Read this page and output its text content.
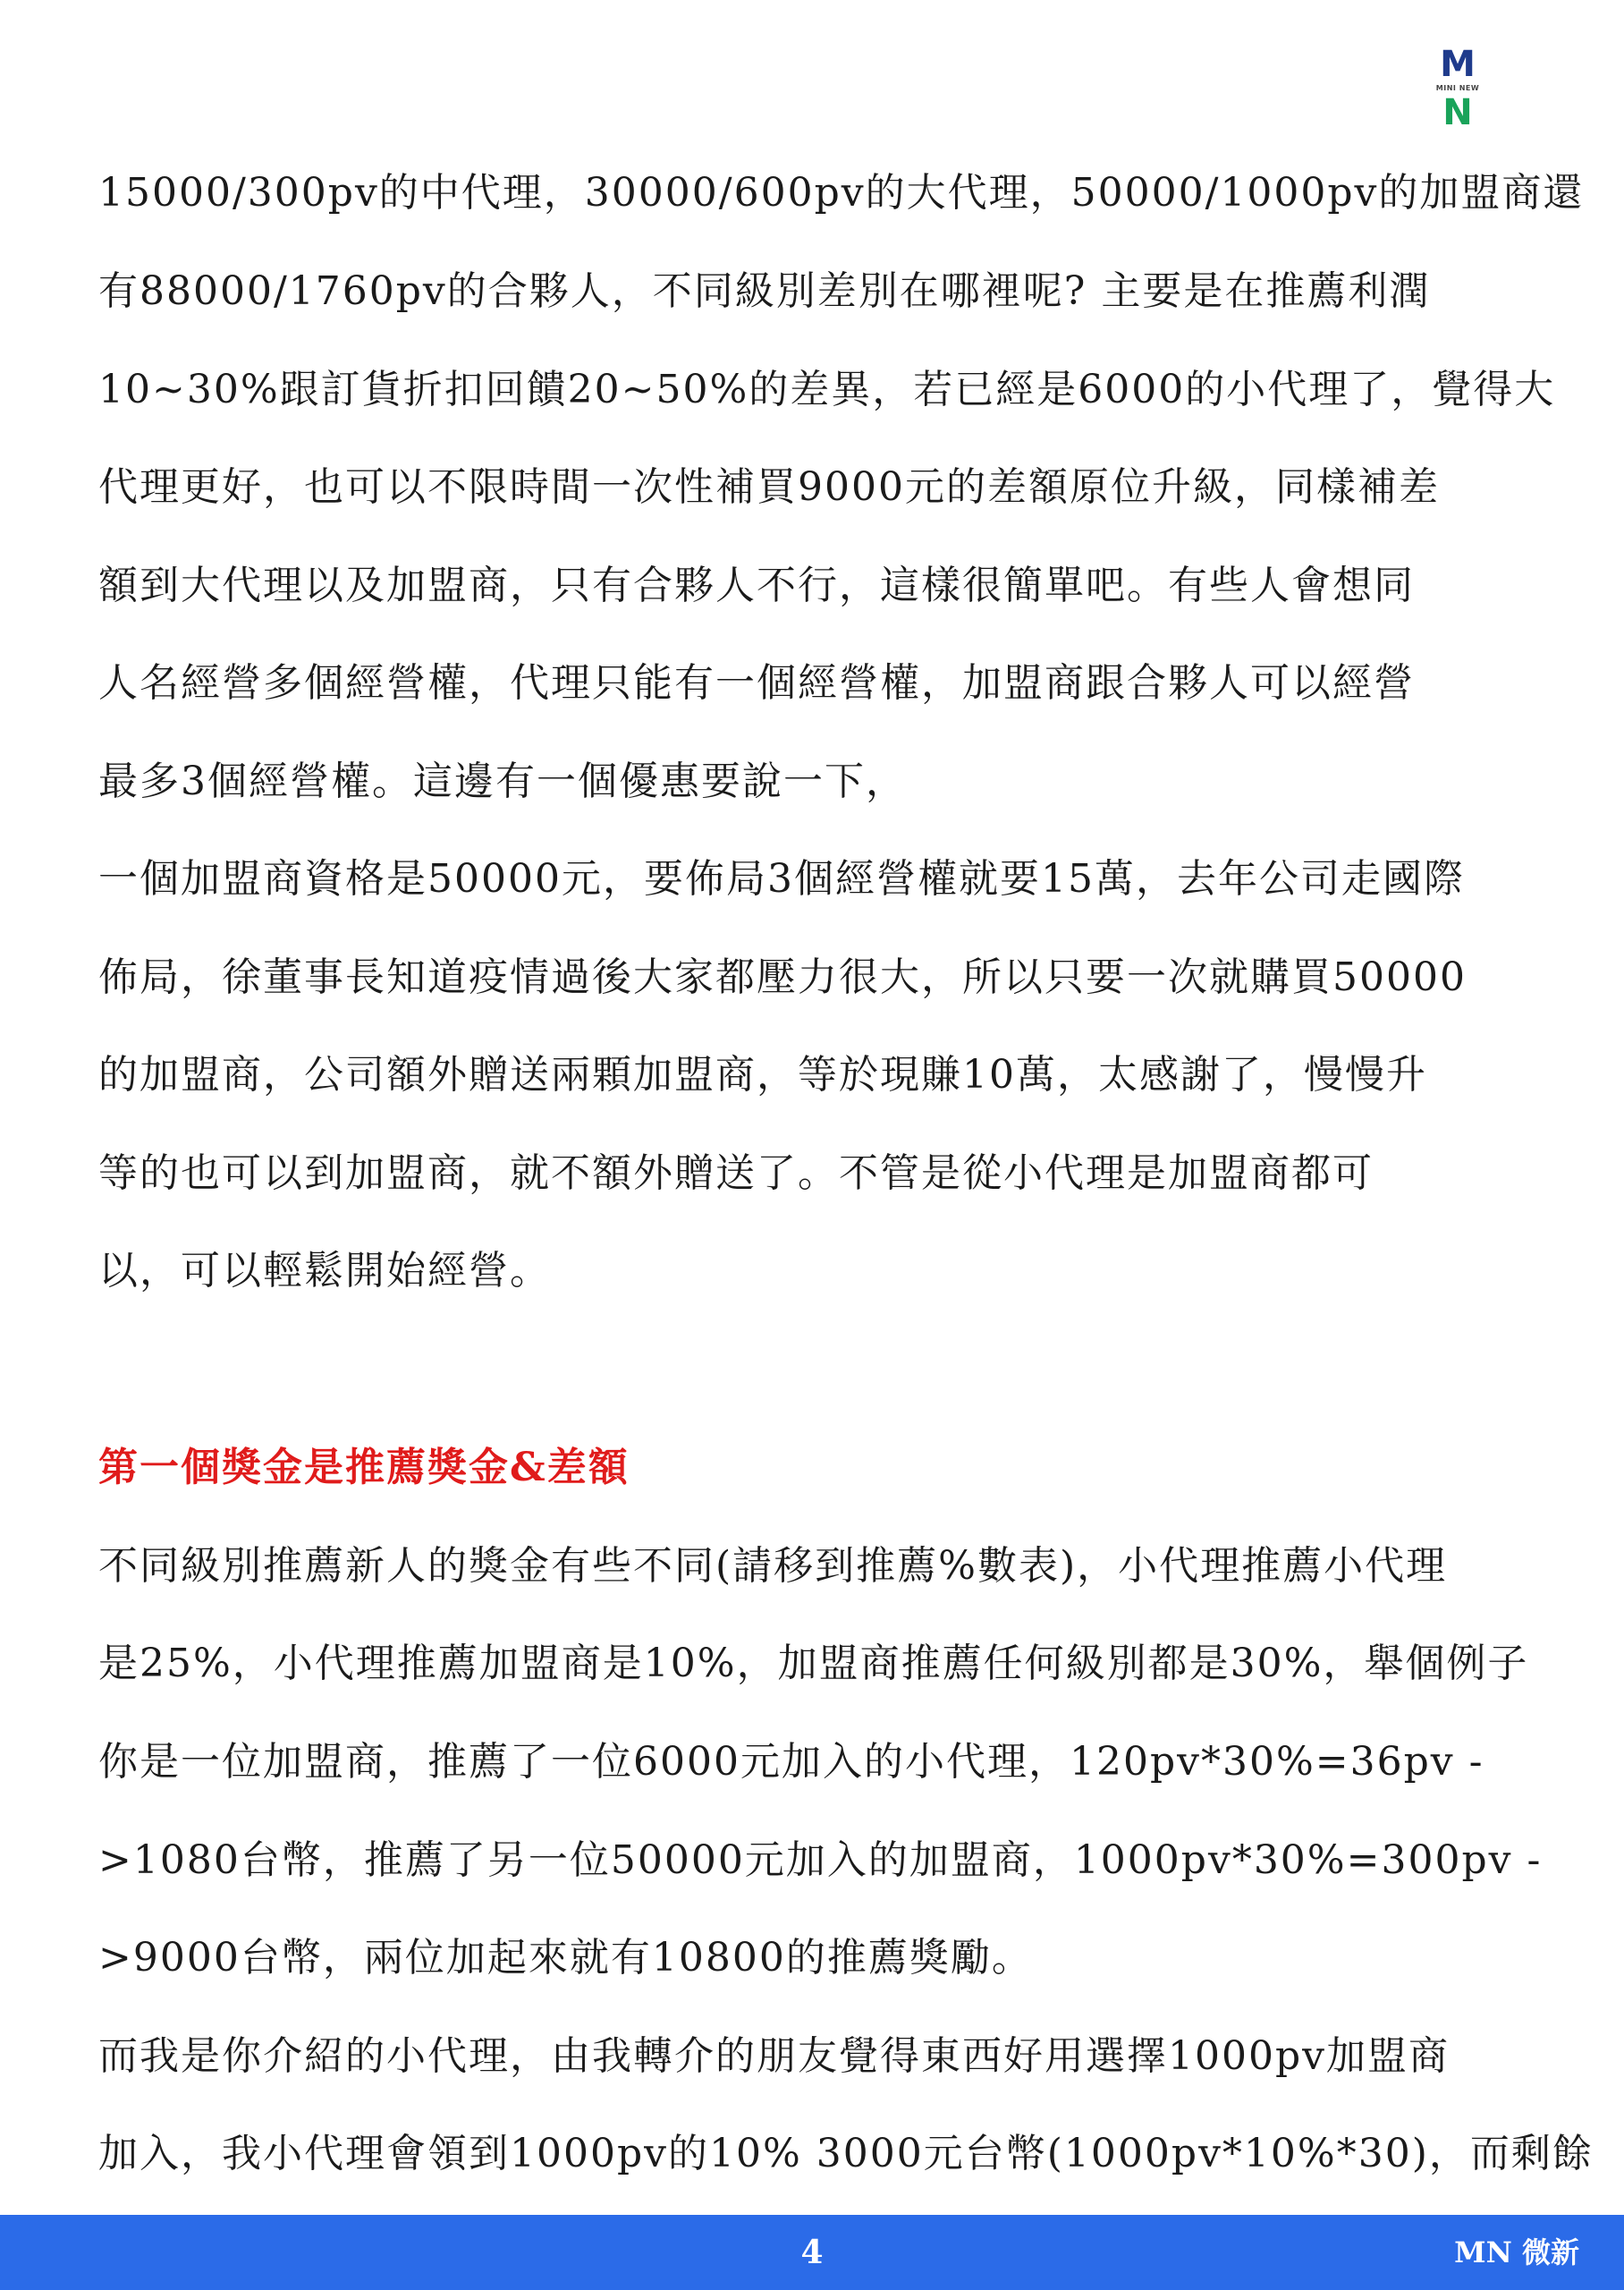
M
MINI NEW
N
15000/300pv的中代理，30000/600pv的大代理，50000/1000pv的加盟商還
有88000/1760pv的合夥人，不同級別差別在哪裡呢? 主要是在推薦利潤
10~30%跟訂貨折扣回饋20~50%的差異，若已經是6000的小代理了，覺得大
代理更好，也可以不限時間一次性補買9000元的差額原位升級，同樣補差
額到大代理以及加盟商，只有合夥人不行，這樣很簡單吧。有些人會想同
人名經營多個經營權，代理只能有一個經營權，加盟商跟合夥人可以經營
最多3個經營權。這邊有一個優惠要說一下，
一個加盟商資格是50000元，要佈局3個經營權就要15萬，去年公司走國際
佈局，徐董事長知道疫情過後大家都壓力很大，所以只要一次就購買50000
的加盟商，公司額外贈送兩顆加盟商，等於現賺10萬，太感謝了，慢慢升
等的也可以到加盟商，就不額外贈送了。不管是從小代理是加盟商都可
以，可以輕鬆開始經營。
第一個獎金是推薦獎金&差額
不同級別推薦新人的獎金有些不同(請移到推薦%數表)，小代理推薦小代理
是25%，小代理推薦加盟商是10%，加盟商推薦任何級別都是30%，舉個例子
你是一位加盟商，推薦了一位6000元加入的小代理，120pv*30%=36pv -
>1080台幣，推薦了另一位50000元加入的加盟商，1000pv*30%=300pv -
>9000台幣，兩位加起來就有10800的推薦獎勵。
而我是你介紹的小代理，由我轉介的朋友覺得東西好用選擇1000pv加盟商
加入，我小代理會領到1000pv的10% 3000元台幣(1000pv*10%*30)，而剩餘
4	MN 微新
